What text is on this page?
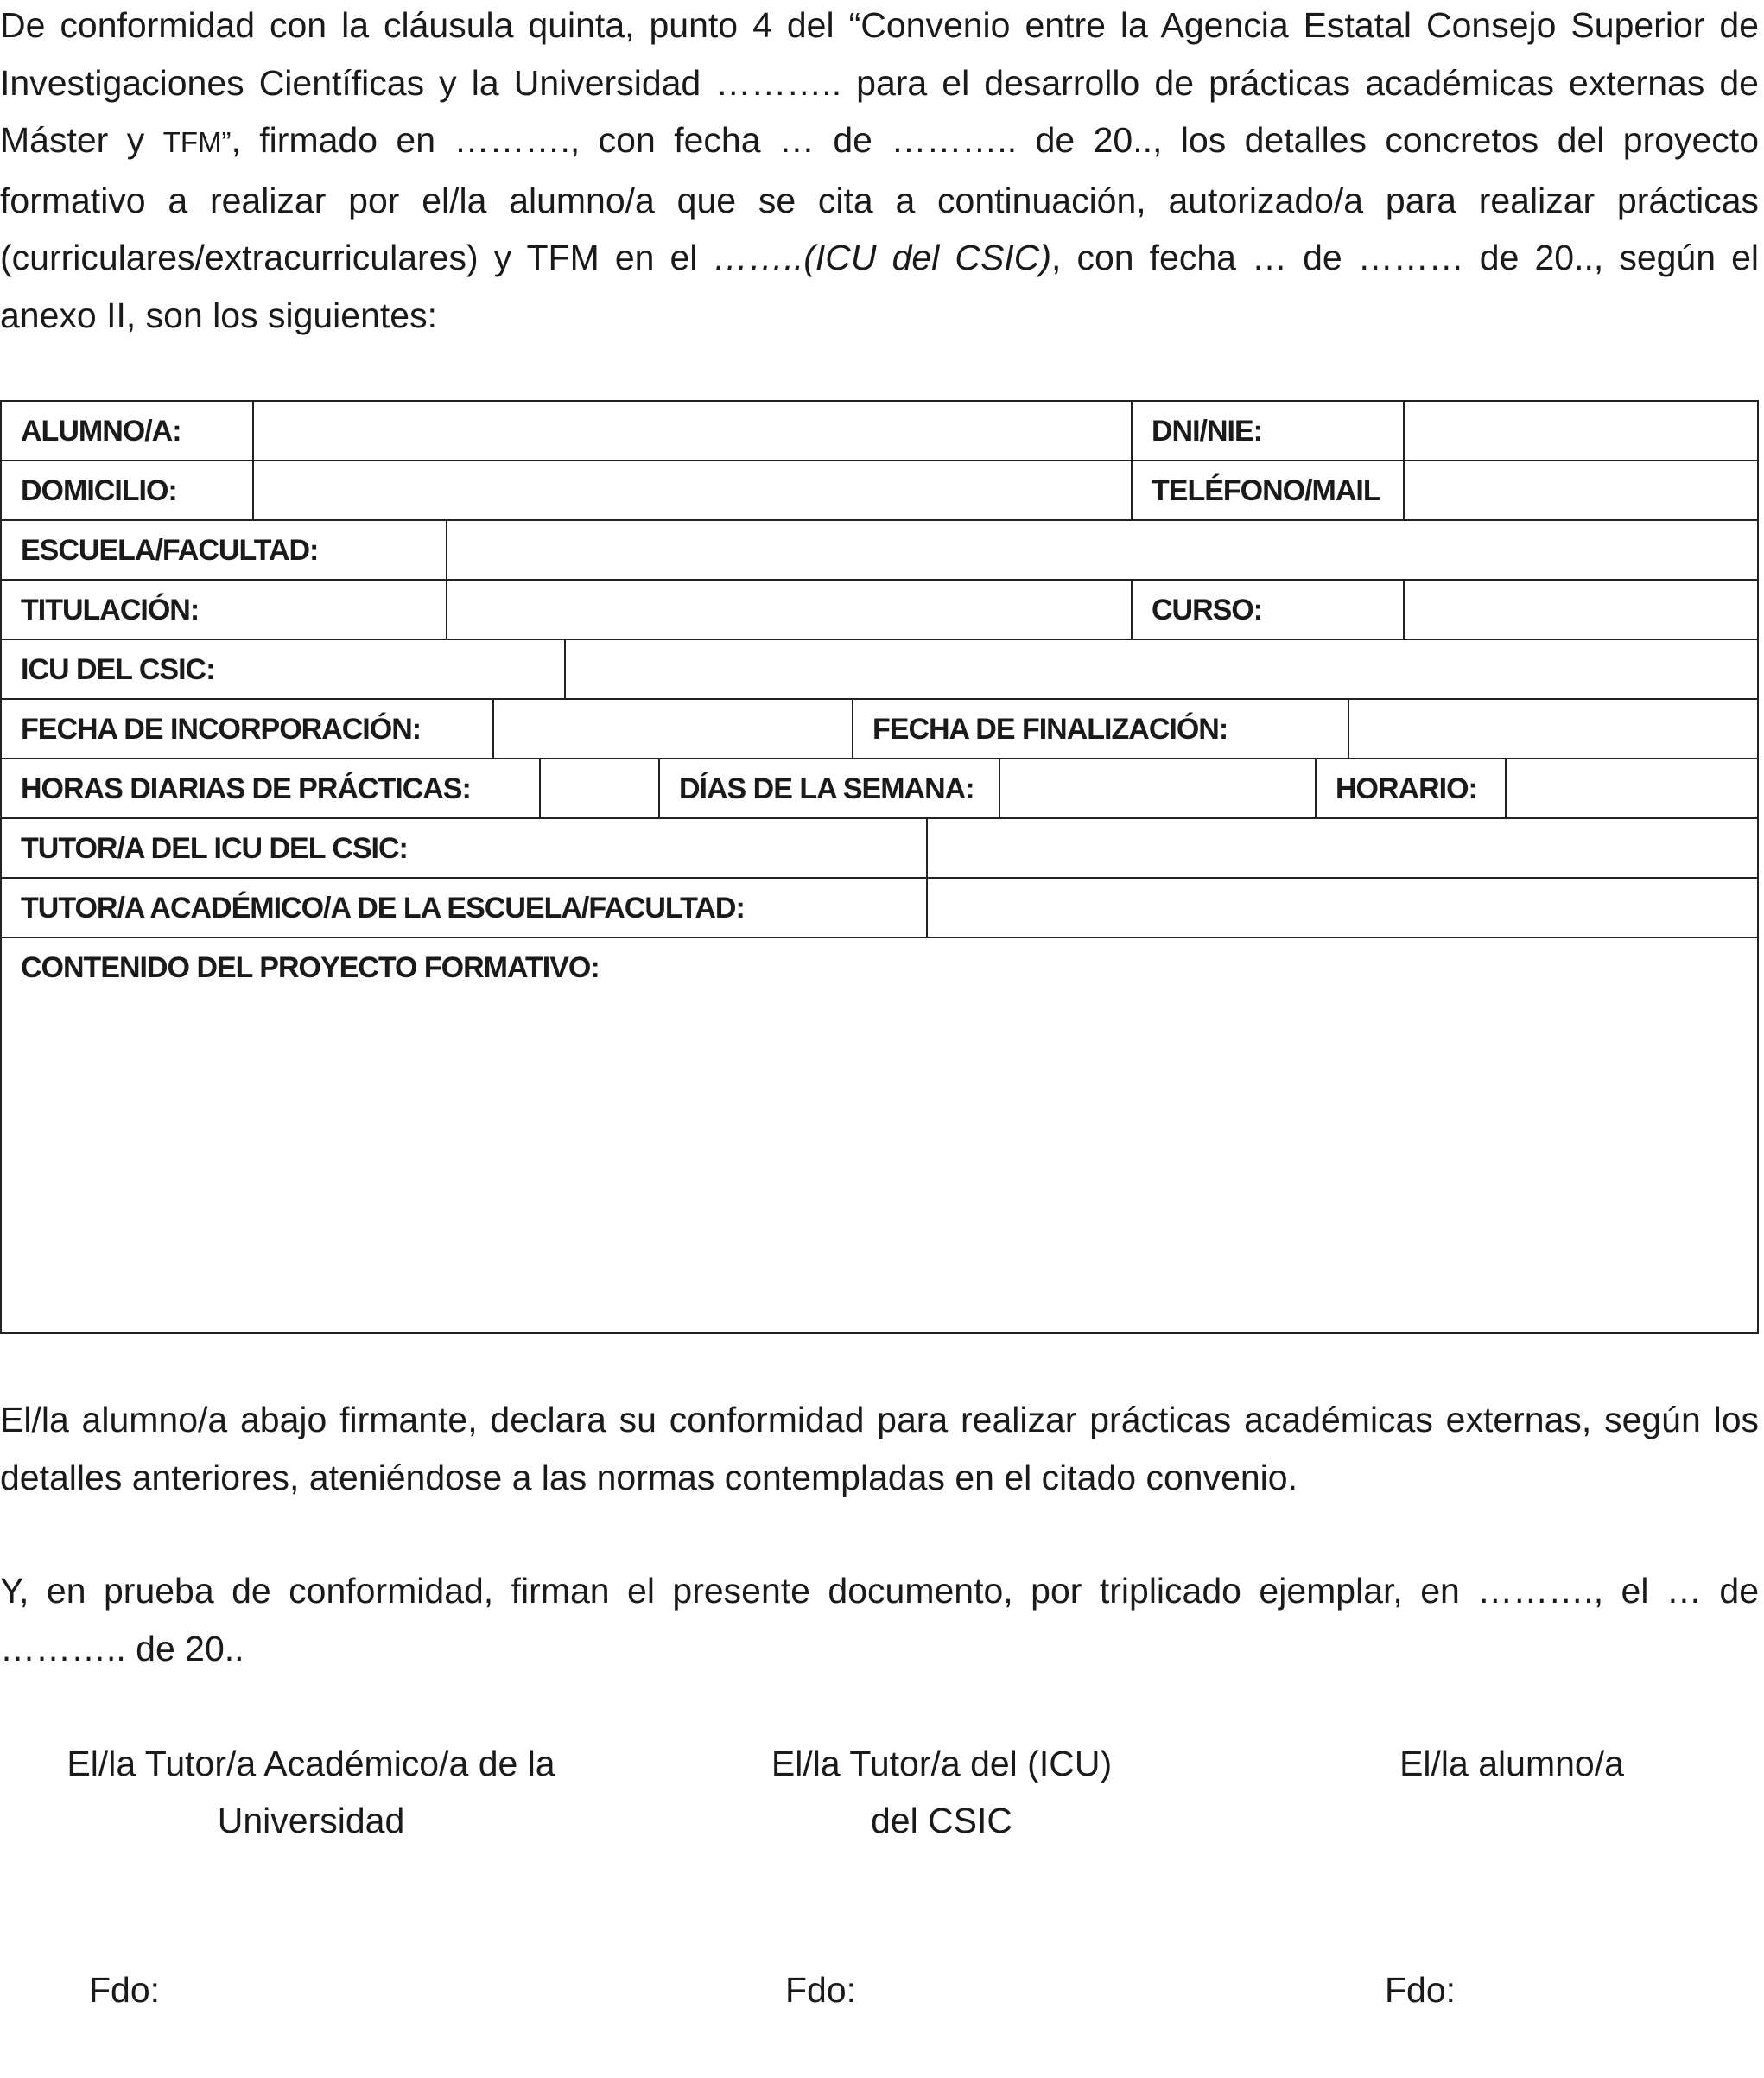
De conformidad con la cláusula quinta, punto 4 del “Convenio entre la Agencia Estatal Consejo Superior de Investigaciones Científicas y la Universidad ……….. para el desarrollo de prácticas académicas externas de Máster y TFM”, firmado en ………., con fecha … de ……….. de 20.., los detalles concretos del proyecto formativo a realizar por el/la alumno/a que se cita a continuación, autorizado/a para realizar prácticas (curriculares/extracurriculares) y TFM en el ……..(ICU del CSIC), con fecha … de ……… de 20.., según el anexo II, son los siguientes:

ALUMNO/A:	DNI/NIE:
DOMICILIO:	TELÉFONO/MAIL
ESCUELA/FACULTAD:
TITULACIÓN:	CURSO:
ICU DEL CSIC:
FECHA DE INCORPORACIÓN:	FECHA DE FINALIZACIÓN:
HORAS DIARIAS DE PRÁCTICAS:	DÍAS DE LA SEMANA:	HORARIO:
TUTOR/A DEL ICU DEL CSIC:
TUTOR/A ACADÉMICO/A DE LA ESCUELA/FACULTAD:
CONTENIDO DEL PROYECTO FORMATIVO:

El/la alumno/a abajo firmante, declara su conformidad para realizar prácticas académicas externas, según los detalles anteriores, ateniéndose a las normas contempladas en el citado convenio.

Y, en prueba de conformidad, firman el presente documento, por triplicado ejemplar, en ………., el … de ……….. de 20..

El/la Tutor/a Académico/a de la
Universidad
El/la Tutor/a del (ICU)
del CSIC
El/la alumno/a
Fdo:	Fdo:	Fdo:
